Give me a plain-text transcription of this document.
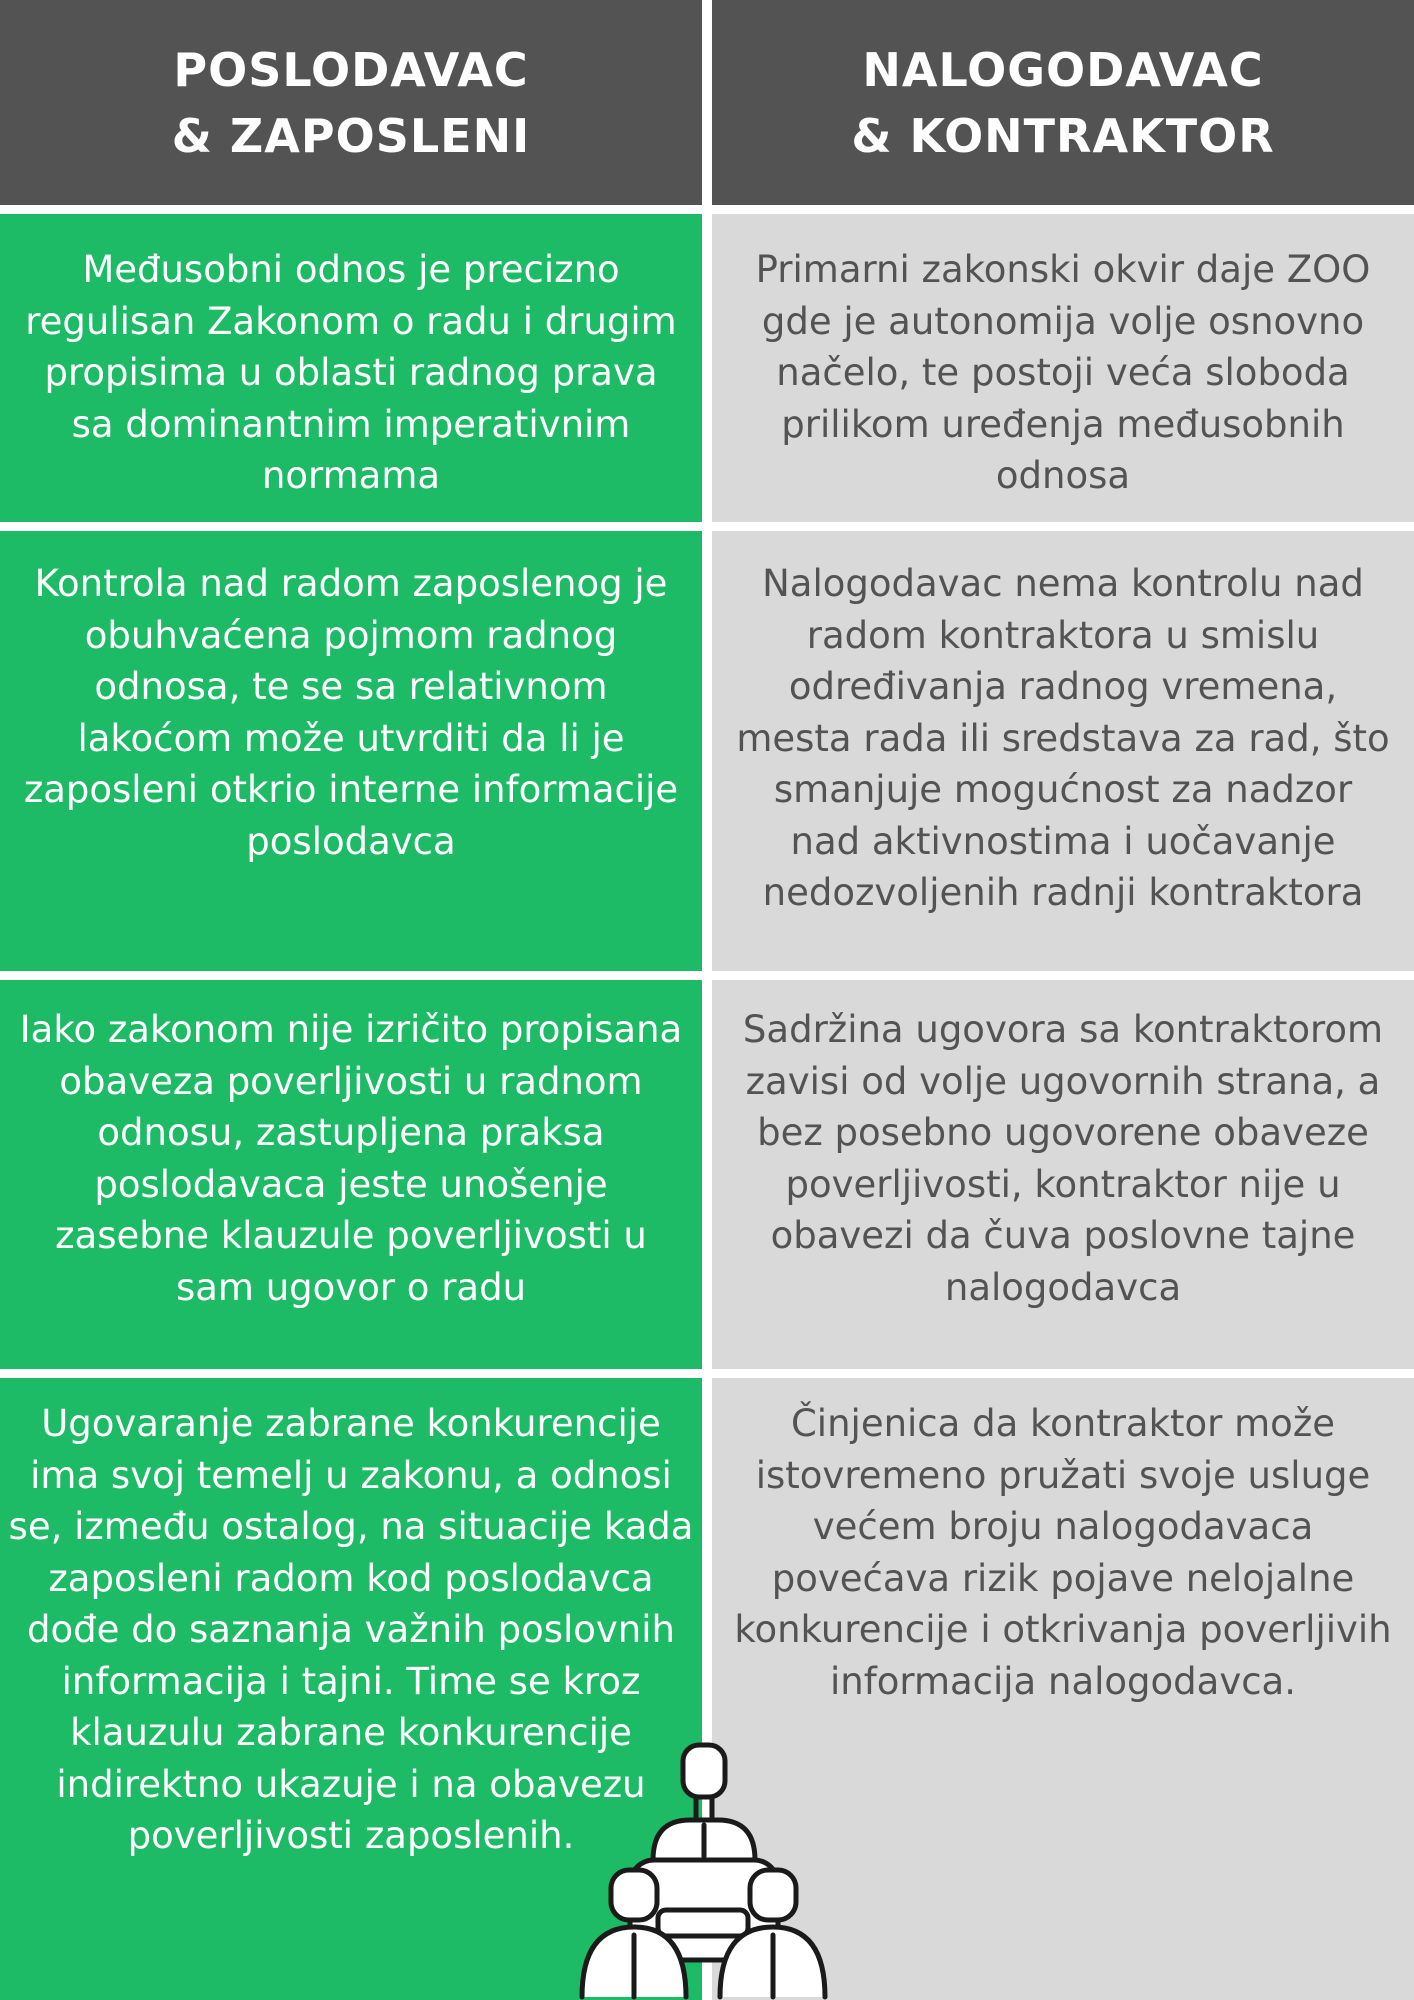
POSLODAVAC
& ZAPOSLENI
NALOGODAVAC
& KONTRAKTOR
Međusobni odnos je precizno
regulisan Zakonom o radu i drugim
propisima u oblasti radnog prava
sa dominantnim imperativnim
normama
Primarni zakonski okvir daje ZOO
gde je autonomija volje osnovno
načelo, te postoji veća sloboda
prilikom uređenja međusobnih
odnosa
Kontrola nad radom zaposlenog je
obuhvaćena pojmom radnog
odnosa, te se sa relativnom
lakoćom može utvrditi da li je
zaposleni otkrio interne informacije
poslodavca
Nalogodavac nema kontrolu nad
radom kontraktora u smislu
određivanja radnog vremena,
mesta rada ili sredstava za rad, što
smanjuje mogućnost za nadzor
nad aktivnostima i uočavanje
nedozvoljenih radnji kontraktora
Iako zakonom nije izričito propisana
obaveza poverljivosti u radnom
odnosu, zastupljena praksa
poslodavaca jeste unošenje
zasebne klauzule poverljivosti u
sam ugovor o radu
Sadržina ugovora sa kontraktorom
zavisi od volje ugovornih strana, a
bez posebno ugovorene obaveze
poverljivosti, kontraktor nije u
obavezi da čuva poslovne tajne
nalogodavca
Ugovaranje zabrane konkurencije
ima svoj temelj u zakonu, a odnosi
se, između ostalog, na situacije kada
zaposleni radom kod poslodavca
dođe do saznanja važnih poslovnih
informacija i tajni. Time se kroz
klauzulu zabrane konkurencije
indirektno ukazuje i na obavezu
poverljivosti zaposlenih.
Činjenica da kontraktor može
istovremeno pružati svoje usluge
većem broju nalogodavaca
povećava rizik pojave nelojalne
konkurencije i otkrivanja poverljivih
informacija nalogodavca.
